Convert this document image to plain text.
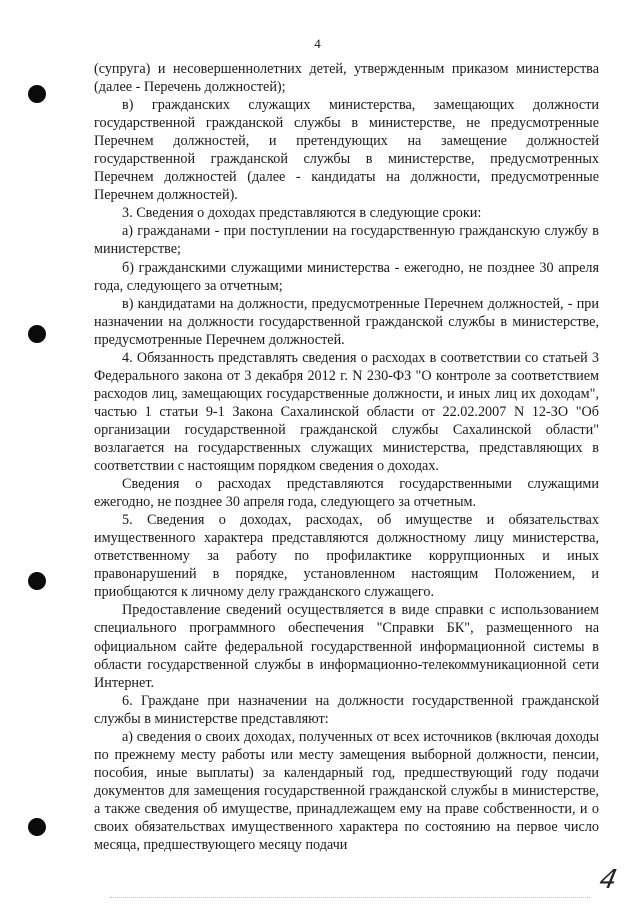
4

(супруга) и несовершеннолетних детей, утвержденным приказом министерства (далее - Перечень должностей);

в) гражданских служащих министерства, замещающих должности государственной гражданской службы в министерстве, не предусмотренные Перечнем должностей, и претендующих на замещение должностей государственной гражданской службы в министерстве, предусмотренных Перечнем должностей (далее - кандидаты на должности, предусмотренные Перечнем должностей).

3. Сведения о доходах представляются в следующие сроки:

а) гражданами - при поступлении на государственную гражданскую службу в министерстве;

б) гражданскими служащими министерства - ежегодно, не позднее 30 апреля года, следующего за отчетным;

в) кандидатами на должности, предусмотренные Перечнем должностей, - при назначении на должности государственной гражданской службы в министерстве, предусмотренные Перечнем должностей.

4. Обязанность представлять сведения о расходах в соответствии со статьей 3 Федерального закона от 3 декабря 2012 г. N 230-ФЗ "О контроле за соответствием расходов лиц, замещающих государственные должности, и иных лиц их доходам", частью 1 статьи 9-1 Закона Сахалинской области от 22.02.2007 N 12-ЗО "Об организации государственной гражданской службы Сахалинской области" возлагается на государственных служащих министерства, представляющих в соответствии с настоящим порядком сведения о доходах.

Сведения о расходах представляются государственными служащими ежегодно, не позднее 30 апреля года, следующего за отчетным.

5. Сведения о доходах, расходах, об имуществе и обязательствах имущественного характера представляются должностному лицу министерства, ответственному за работу по профилактике коррупционных и иных правонарушений в порядке, установленном настоящим Положением, и приобщаются к личному делу гражданского служащего.

Предоставление сведений осуществляется в виде справки с использованием специального программного обеспечения "Справки БК", размещенного на официальном сайте федеральной государственной информационной системы в области государственной службы в информационно-телекоммуникационной сети Интернет.

6. Граждане при назначении на должности государственной гражданской службы в министерстве представляют:

а) сведения о своих доходах, полученных от всех источников (включая доходы по прежнему месту работы или месту замещения выборной должности, пенсии, пособия, иные выплаты) за календарный год, предшествующий году подачи документов для замещения государственной гражданской службы в министерстве, а также сведения об имуществе, принадлежащем ему на праве собственности, и о своих обязательствах имущественного характера по состоянию на первое число месяца, предшествующего месяцу подачи

4
